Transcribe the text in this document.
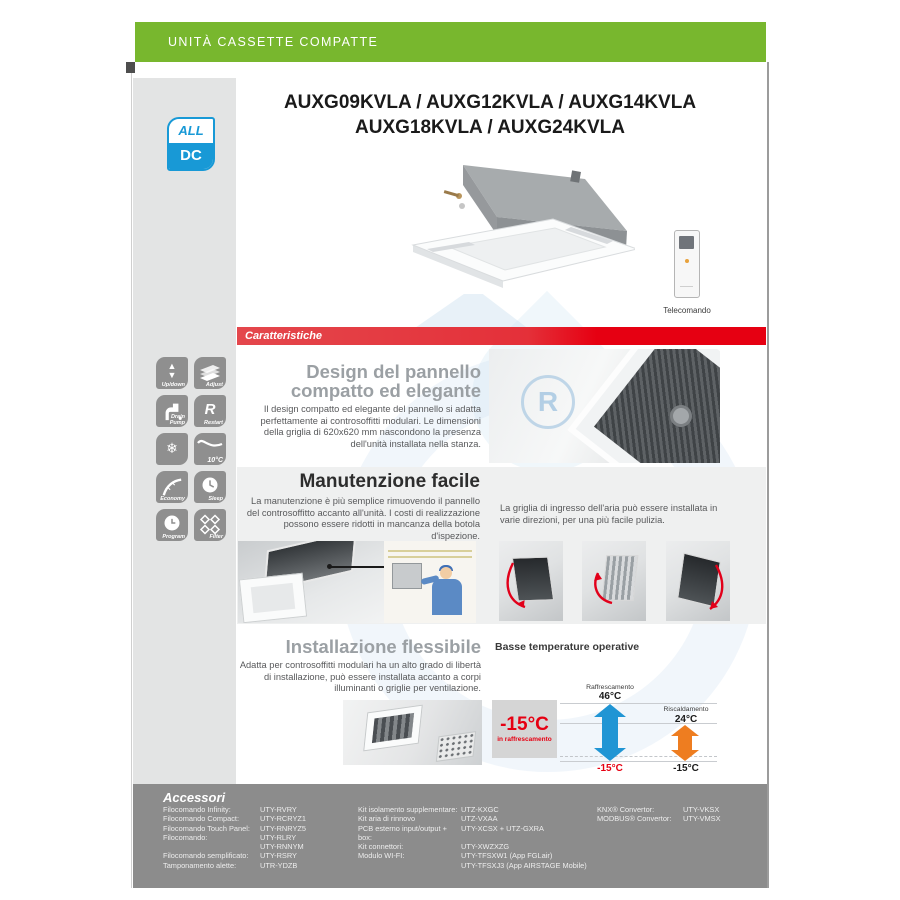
UNITÀ CASSETTE COMPATTE
ALL
DC
AUXG09KVLA / AUXG12KVLA / AUXG14KVLA
AUXG18KVLA / AUXG24KVLA
Telecomando
Caratteristiche
▲▼
Up/down	Adjust
Drain Pump
R
Restart
❄
10°C
Economy	Sleep
Program	Filter
Design del pannello
compatto ed elegante
Il design compatto ed elegante del pannello si adatta perfettamente ai controsoffitti modulari. Le dimensioni della griglia di 620x620 mm nascondono la presenza dell'unità installata nella stanza.
R
Manutenzione facile
La manutenzione è più semplice rimuovendo il pannello del controsoffitto accanto all'unità. I costi di realizzazione possono essere ridotti in mancanza della botola d'ispezione.
La griglia di ingresso dell'aria può essere installata in varie direzioni, per una più facile pulizia.
Installazione flessibile
Adatta per controsoffitti modulari ha un alto grado di libertà di installazione, può essere installata accanto a corpi illuminanti o griglie per ventilazione.
Basse temperature operative
-15°C
in raffrescamento
Raffrescamento
46°C
-15°C
Riscaldamento
24°C
-15°C
Accessori
Filocomando Infinity:	UTY-RVRY
Filocomando Compact:	UTY-RCRYZ1
Filocomando Touch Panel:	UTY-RNRYZ5
Filocomando:	UTY-RLRY
UTY-RNNYM
Filocomando semplificato:	UTY-RSRY
Tamponamento alette:	UTR-YDZB
Kit isolamento supplementare: UTZ-KXGC
Kit aria di rinnovo	UTZ-VXAA
PCB esterno input/output + box:
UTY-XCSX + UTZ-GXRA
Kit connettori:	UTY-XWZXZG
Modulo WI-FI:	UTY-TFSXW1 (App FGLair)
UTY-TFSXJ3 (App AIRSTAGE Mobile)
KNX® Convertor:	UTY-VKSX
MODBUS® Convertor:	UTY-VMSX
